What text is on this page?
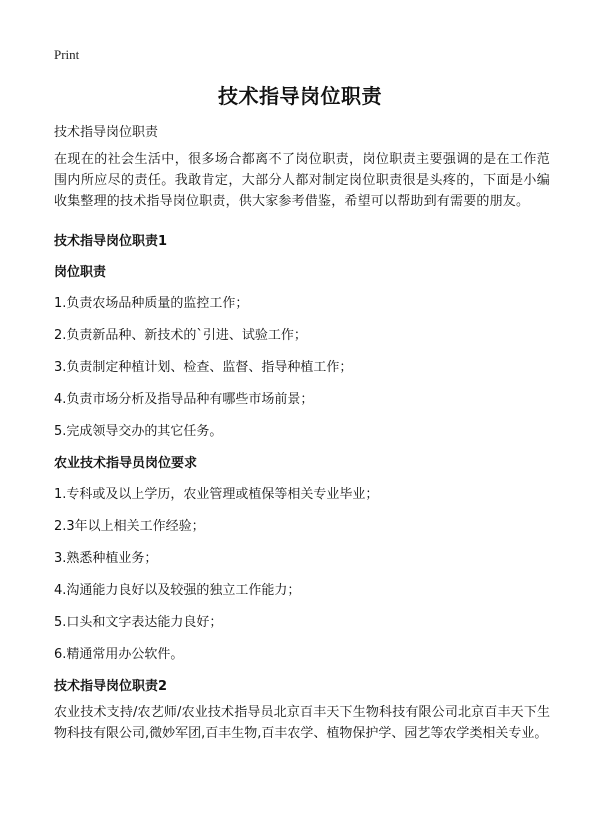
Print
技术指导岗位职责
技术指导岗位职责
在现在的社会生活中，很多场合都离不了岗位职责，岗位职责主要强调的是在工作范围内所应尽的责任。我敢肯定，大部分人都对制定岗位职责很是头疼的，下面是小编收集整理的技术指导岗位职责，供大家参考借鉴，希望可以帮助到有需要的朋友。
技术指导岗位职责1
岗位职责
1.负责农场品种质量的监控工作；
2.负责新品种、新技术的`引进、试验工作；
3.负责制定种植计划、检查、监督、指导种植工作；
4.负责市场分析及指导品种有哪些市场前景；
5.完成领导交办的其它任务。
农业技术指导员岗位要求
1.专科或及以上学历，农业管理或植保等相关专业毕业；
2.3年以上相关工作经验；
3.熟悉种植业务；
4.沟通能力良好以及较强的独立工作能力；
5.口头和文字表达能力良好；
6.精通常用办公软件。
技术指导岗位职责2
农业技术支持/农艺师/农业技术指导员北京百丰天下生物科技有限公司北京百丰天下生物科技有限公司,微妙军团,百丰生物,百丰农学、植物保护学、园艺等农学类相关专业。
